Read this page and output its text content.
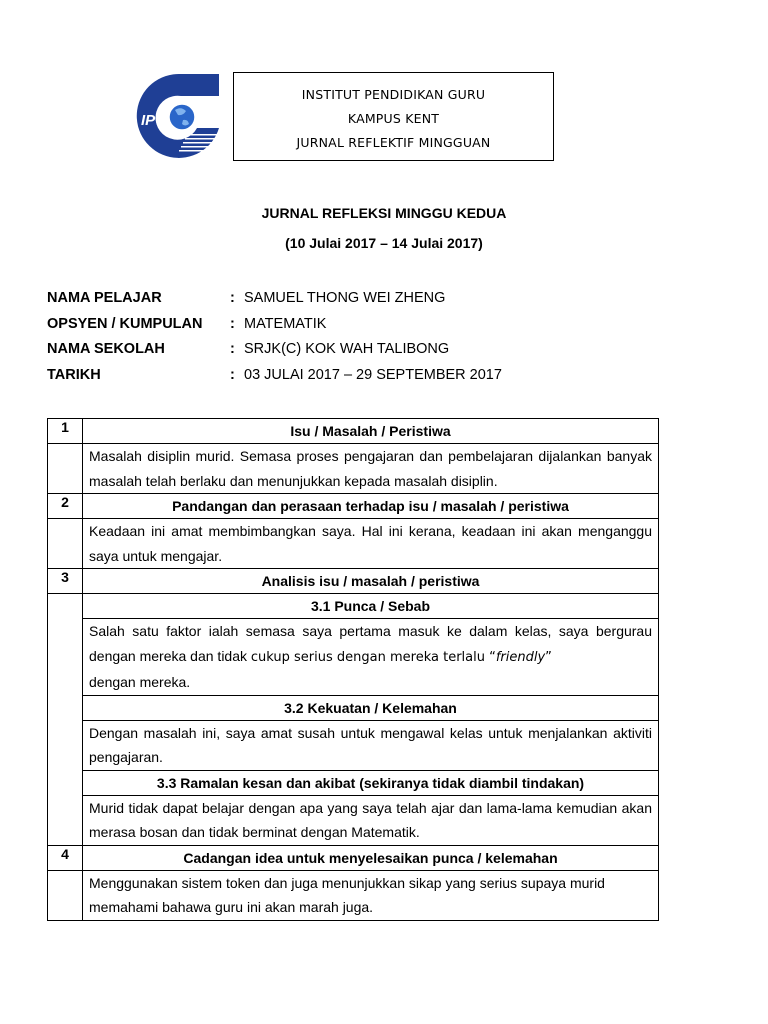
IPG
INSTITUT PENDIDIKAN GURU
KAMPUS KENT
JURNAL REFLEKTIF MINGGUAN
JURNAL REFLEKSI MINGGU KEDUA
(10 Julai 2017 – 14 Julai 2017)
NAMA PELAJAR	: SAMUEL THONG WEI ZHENG
OPSYEN / KUMPULAN	: MATEMATIK
NAMA SEKOLAH	: SRJK(C) KOK WAH TALIBONG
TARIKH	: 03 JULAI 2017 – 29 SEPTEMBER 2017
1	Isu / Masalah / Peristiwa
	Masalah disiplin murid. Semasa proses pengajaran dan pembelajaran dijalankan banyak masalah telah berlaku dan menunjukkan kepada masalah disiplin.
2	Pandangan dan perasaan terhadap isu / masalah / peristiwa
	Keadaan ini amat membimbangkan saya. Hal ini kerana, keadaan ini akan menganggu saya untuk mengajar.
3	Analisis isu / masalah / peristiwa
	3.1 Punca / Sebab
	Salah satu faktor ialah semasa saya pertama masuk ke dalam kelas, saya bergurau dengan mereka dan tidak cukup serius dengan mereka terlalu “friendly”
dengan mereka.
	3.2 Kekuatan / Kelemahan
	Dengan masalah ini, saya amat susah untuk mengawal kelas untuk menjalankan aktiviti pengajaran.
	3.3 Ramalan kesan dan akibat (sekiranya tidak diambil tindakan)
	Murid tidak dapat belajar dengan apa yang saya telah ajar dan lama-lama kemudian akan merasa bosan dan tidak berminat dengan Matematik.
4	Cadangan idea untuk menyelesaikan punca / kelemahan
	Menggunakan sistem token dan juga menunjukkan sikap yang serius supaya murid memahami bahawa guru ini akan marah juga.
